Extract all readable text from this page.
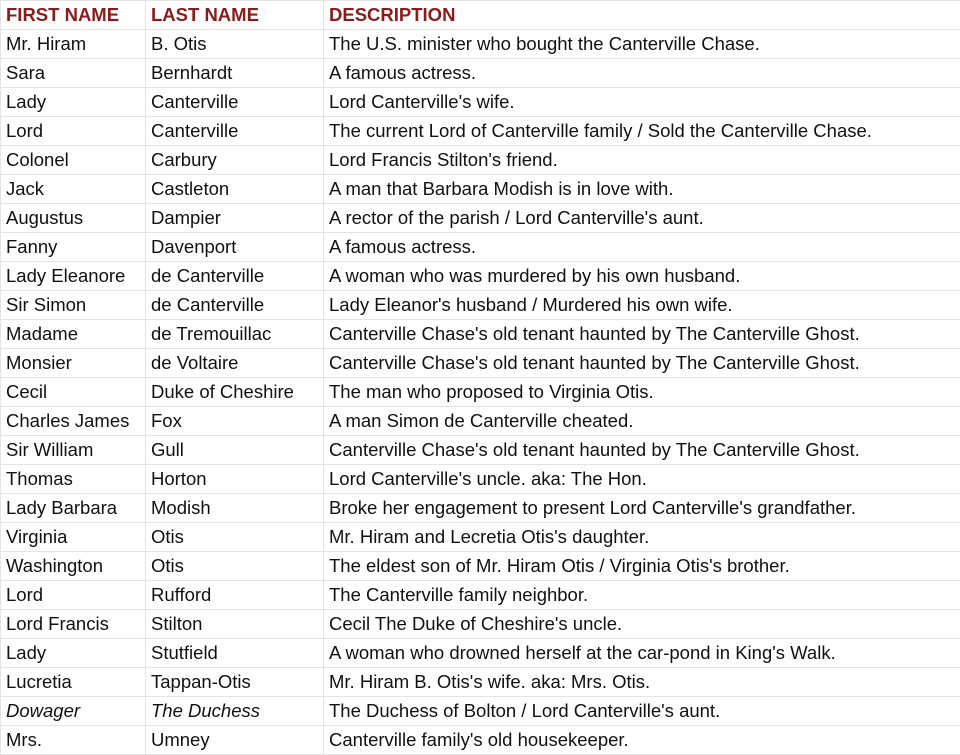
FIRST NAME	LAST NAME	DESCRIPTION
Mr. Hiram	B. Otis	The U.S. minister who bought the Canterville Chase.
Sara	Bernhardt	A famous actress.
Lady	Canterville	Lord Canterville's wife.
Lord	Canterville	The current Lord of Canterville family / Sold the Canterville Chase.
Colonel	Carbury	Lord Francis Stilton's friend.
Jack	Castleton	A man that Barbara Modish is in love with.
Augustus	Dampier	A rector of the parish / Lord Canterville's aunt.
Fanny	Davenport	A famous actress.
Lady Eleanore	de Canterville	A woman who was murdered by his own husband.
Sir Simon	de Canterville	Lady Eleanor's husband / Murdered his own wife.
Madame	de Tremouillac	Canterville Chase's old tenant haunted by The Canterville Ghost.
Monsier	de Voltaire	Canterville Chase's old tenant haunted by The Canterville Ghost.
Cecil	Duke of Cheshire	The man who proposed to Virginia Otis.
Charles James	Fox	A man Simon de Canterville cheated.
Sir William	Gull	Canterville Chase's old tenant haunted by The Canterville Ghost.
Thomas	Horton	Lord Canterville's uncle. aka: The Hon.
Lady Barbara	Modish	Broke her engagement to present Lord Canterville's grandfather.
Virginia	Otis	Mr. Hiram and Lecretia Otis's daughter.
Washington	Otis	The eldest son of Mr. Hiram Otis / Virginia Otis's brother.
Lord	Rufford	The Canterville family neighbor.
Lord Francis	Stilton	Cecil The Duke of Cheshire's uncle.
Lady	Stutfield	A woman who drowned herself at the car-pond in King's Walk.
Lucretia	Tappan-Otis	Mr. Hiram B. Otis's wife. aka: Mrs. Otis.
Dowager	The Duchess	The Duchess of Bolton / Lord Canterville's aunt.
Mrs.	Umney	Canterville family's old housekeeper.
